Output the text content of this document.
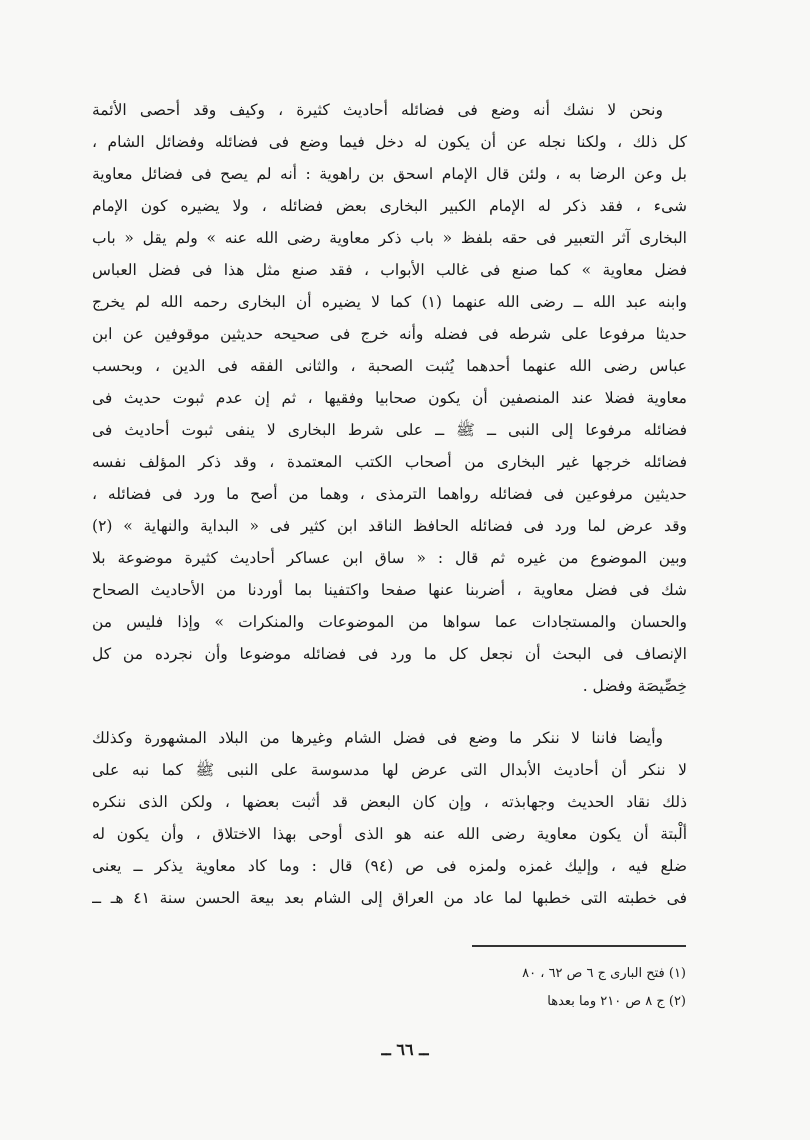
ونحن لا نشك أنه وضع فى فضائله أحاديث كثيرة ، وكيف وقد أحصى الأئمة
كل ذلك ، ولكنا نجله عن أن يكون له دخل فيما وضع فى فضائله وفضائل الشام ،
بل وعن الرضا به ، ولئن قال الإمام اسحق بن راهوية : أنه لم يصح فى فضائل معاوية
شىء ، فقد ذكر له الإمام الكبير البخارى بعض فضائله ، ولا يضيره كون الإمام
البخارى آثر التعبير فى حقه بلفظ « باب ذكر معاوية رضى الله عنه » ولم يقل « باب
فضل معاوية » كما صنع فى غالب الأبواب ، فقد صنع مثل هذا فى فضل العباس
وابنه عبد الله ــ رضى الله عنهما (١) كما لا يضيره أن البخارى رحمه الله لم يخرج
حديثا مرفوعا على شرطه فى فضله وأنه خرج فى صحيحه حديثين موقوفين عن ابن
عباس رضى الله عنهما أحدهما يُثبت الصحبة ، والثانى الفقه فى الدين ، وبحسب
معاوية فضلا عند المنصفين أن يكون صحابيا وفقيها ، ثم إن عدم ثبوت حديث فى
فضائله مرفوعا إلى النبى ــ ﷺ ــ على شرط البخارى لا ينفى ثبوت أحاديث فى
فضائله خرجها غير البخارى من أصحاب الكتب المعتمدة ، وقد ذكر المؤلف نفسه
حديثين مرفوعين فى فضائله رواهما الترمذى ، وهما من أصح ما ورد فى فضائله ،
وقد عرض لما ورد فى فضائله الحافظ الناقد ابن كثير فى « البداية والنهاية » (٢)
وبين الموضوع من غيره ثم قال : « ساق ابن عساكر أحاديث كثيرة موضوعة بلا
شك فى فضل معاوية ، أضربنا عنها صفحا واكتفينا بما أوردنا من الأحاديث الصحاح
والحسان والمستجادات عما سواها من الموضوعات والمنكرات » وإذا فليس من
الإنصاف فى البحث أن نجعل كل ما ورد فى فضائله موضوعا وأن نجرده من كل
خِصِّيصَة وفضل .
وأيضا فاننا لا ننكر ما وضع فى فضل الشام وغيرها من البلاد المشهورة وكذلك
لا ننكر أن أحاديث الأبدال التى عرض لها مدسوسة على النبى ﷺ كما نبه على
ذلك نقاد الحديث وجهابذته ، وإن كان البعض قد أثبت بعضها ، ولكن الذى ننكره
ألْبتة أن يكون معاوية رضى الله عنه هو الذى أوحى بهذا الاختلاق ، وأن يكون له
ضلع فيه ، وإليك غمزه ولمزه فى ص (٩٤) قال : وما كاد معاوية يذكر ــ يعنى
فى خطبته التى خطبها لما عاد من العراق إلى الشام بعد بيعة الحسن سنة ٤١ هـ ــ
(١) فتح البارى ج ٦ ص ٦٢ ، ٨٠
(٢) ج ٨ ص ٢١٠ وما بعدها
ــ ٦٦ ــ
